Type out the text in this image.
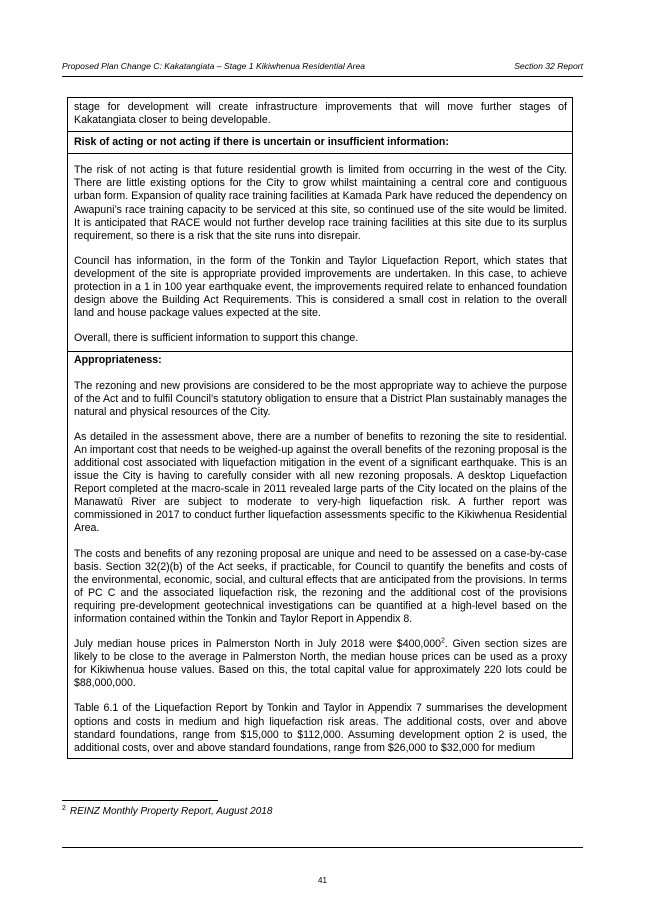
Proposed Plan Change C: Kakatangiata – Stage 1 Kikiwhenua Residential Area	Section 32 Report

stage for development will create infrastructure improvements that will move further stages of Kakatangiata closer to being developable.

Risk of acting or not acting if there is uncertain or insufficient information:

The risk of not acting is that future residential growth is limited from occurring in the west of the City. There are little existing options for the City to grow whilst maintaining a central core and contiguous urban form. Expansion of quality race training facilities at Kamada Park have reduced the dependency on Awapuni’s race training capacity to be serviced at this site, so continued use of the site would be limited. It is anticipated that RACE would not further develop race training facilities at this site due to its surplus requirement, so there is a risk that the site runs into disrepair.

Council has information, in the form of the Tonkin and Taylor Liquefaction Report, which states that development of the site is appropriate provided improvements are undertaken. In this case, to achieve protection in a 1 in 100 year earthquake event, the improvements required relate to enhanced foundation design above the Building Act Requirements. This is considered a small cost in relation to the overall land and house package values expected at the site.

Overall, there is sufficient information to support this change.

Appropriateness:

The rezoning and new provisions are considered to be the most appropriate way to achieve the purpose of the Act and to fulfil Council’s statutory obligation to ensure that a District Plan sustainably manages the natural and physical resources of the City.

As detailed in the assessment above, there are a number of benefits to rezoning the site to residential. An important cost that needs to be weighed-up against the overall benefits of the rezoning proposal is the additional cost associated with liquefaction mitigation in the event of a significant earthquake. This is an issue the City is having to carefully consider with all new rezoning proposals. A desktop Liquefaction Report completed at the macro-scale in 2011 revealed large parts of the City located on the plains of the Manawatū River are subject to moderate to very-high liquefaction risk. A further report was commissioned in 2017 to conduct further liquefaction assessments specific to the Kikiwhenua Residential Area.

The costs and benefits of any rezoning proposal are unique and need to be assessed on a case-by-case basis. Section 32(2)(b) of the Act seeks, if practicable, for Council to quantify the benefits and costs of the environmental, economic, social, and cultural effects that are anticipated from the provisions. In terms of PC C and the associated liquefaction risk, the rezoning and the additional cost of the provisions requiring pre-development geotechnical investigations can be quantified at a high-level based on the information contained within the Tonkin and Taylor Report in Appendix 8.

July median house prices in Palmerston North in July 2018 were $400,000$^2$. Given section sizes are likely to be close to the average in Palmerston North, the median house prices can be used as a proxy for Kikiwhenua house values. Based on this, the total capital value for approximately 220 lots could be $88,000,000.

Table 6.1 of the Liquefaction Report by Tonkin and Taylor in Appendix 7 summarises the development options and costs in medium and high liquefaction risk areas. The additional costs, over and above standard foundations, range from $15,000 to $112,000. Assuming development option 2 is used, the additional costs, over and above standard foundations, range from $26,000 to $32,000 for medium

$^2$ REINZ Monthly Property Report, August 2018
41
